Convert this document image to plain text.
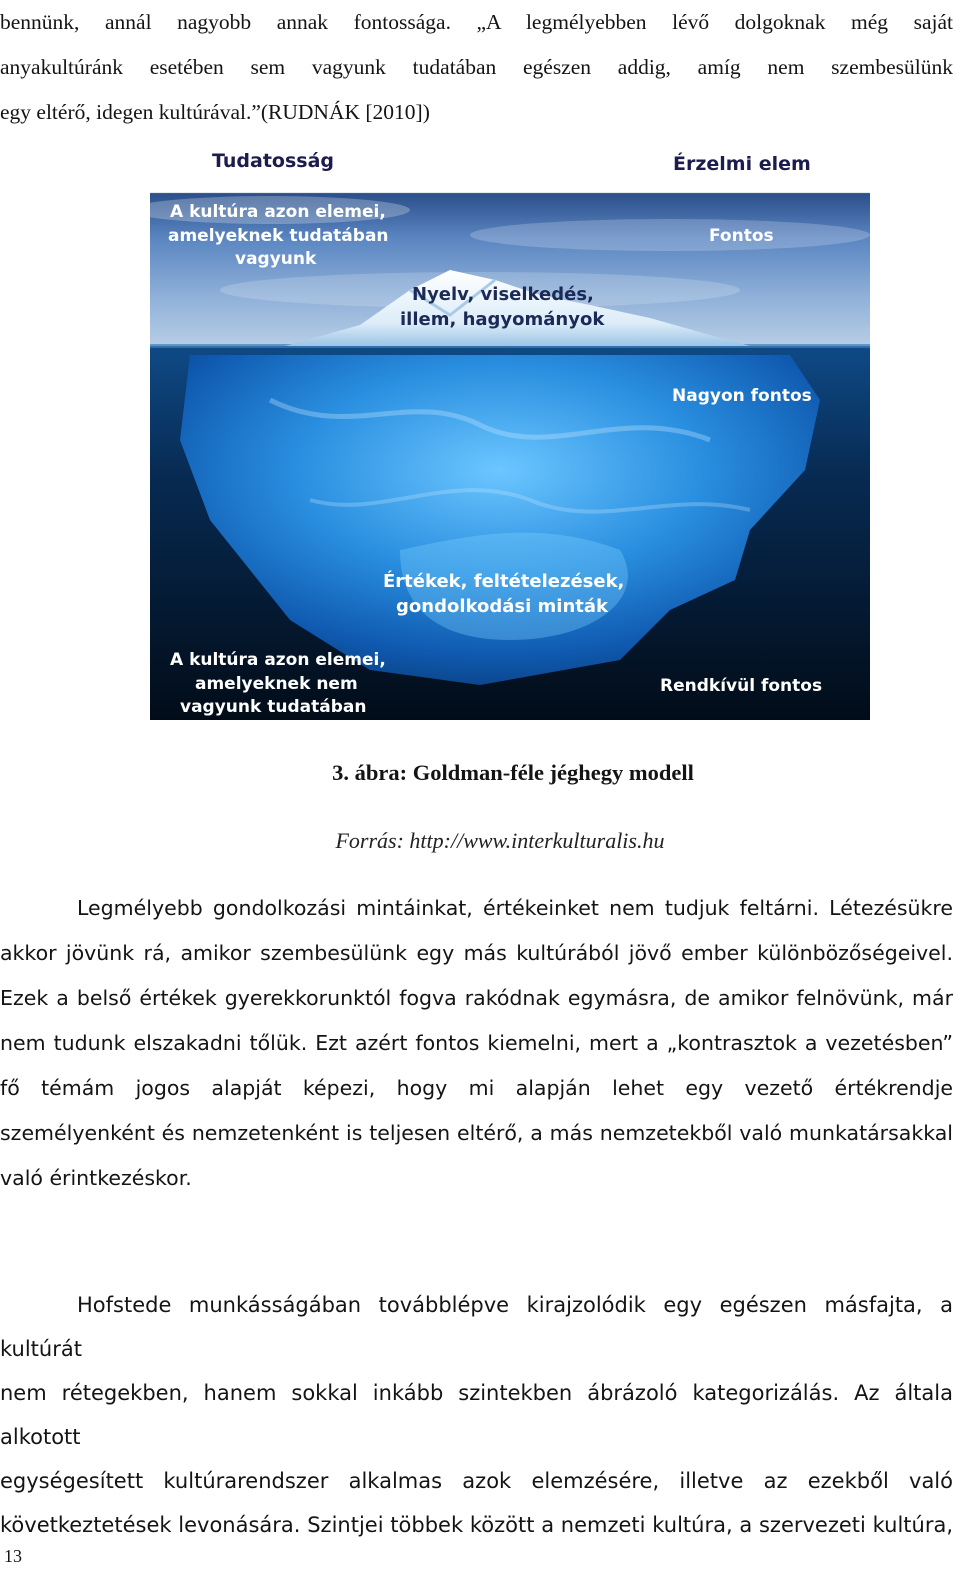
bennünk, annál nagyobb annak fontossága. „A legmélyebben lévő dolgoknak még saját
anyakultúránk esetében sem vagyunk tudatában egészen addig, amíg nem szembesülünk
egy eltérő, idegen kultúrával.”(RUDNÁK [2010])
Tudatosság	Érzelmi elem
A kultúra azon elemei,
amelyeknek tudatában
vagyunk
Fontos
Nyelv, viselkedés,
illem, hagyományok
Nagyon fontos
Értékek, feltételezések,
gondolkodási minták
A kultúra azon elemei,
amelyeknek nem
vagyunk tudatában
Rendkívül fontos

3. ábra: Goldman-féle jéghegy modell

Forrás: http://www.interkulturalis.hu

Legmélyebb gondolkozási mintáinkat, értékeinket nem tudjuk feltárni. Létezésükre
akkor jövünk rá, amikor szembesülünk egy más kultúrából jövő ember különbözőségeivel.
Ezek a belső értékek gyerekkorunktól fogva rakódnak egymásra, de amikor felnövünk, már
nem tudunk elszakadni tőlük. Ezt azért fontos kiemelni, mert a „kontrasztok a vezetésben”
fő témám jogos alapját képezi, hogy mi alapján lehet egy vezető értékrendje
személyenként és nemzetenként is teljesen eltérő, a más nemzetekből való munkatársakkal
való érintkezéskor.
Hofstede munkásságában továbblépve kirajzolódik egy egészen másfajta, a kultúrát
nem rétegekben, hanem sokkal inkább szintekben ábrázoló kategorizálás. Az általa alkotott
egységesített kultúrarendszer alkalmas azok elemzésére, illetve az ezekből való
következtetések levonására. Szintjei többek között a nemzeti kultúra, a szervezeti kultúra,

13
